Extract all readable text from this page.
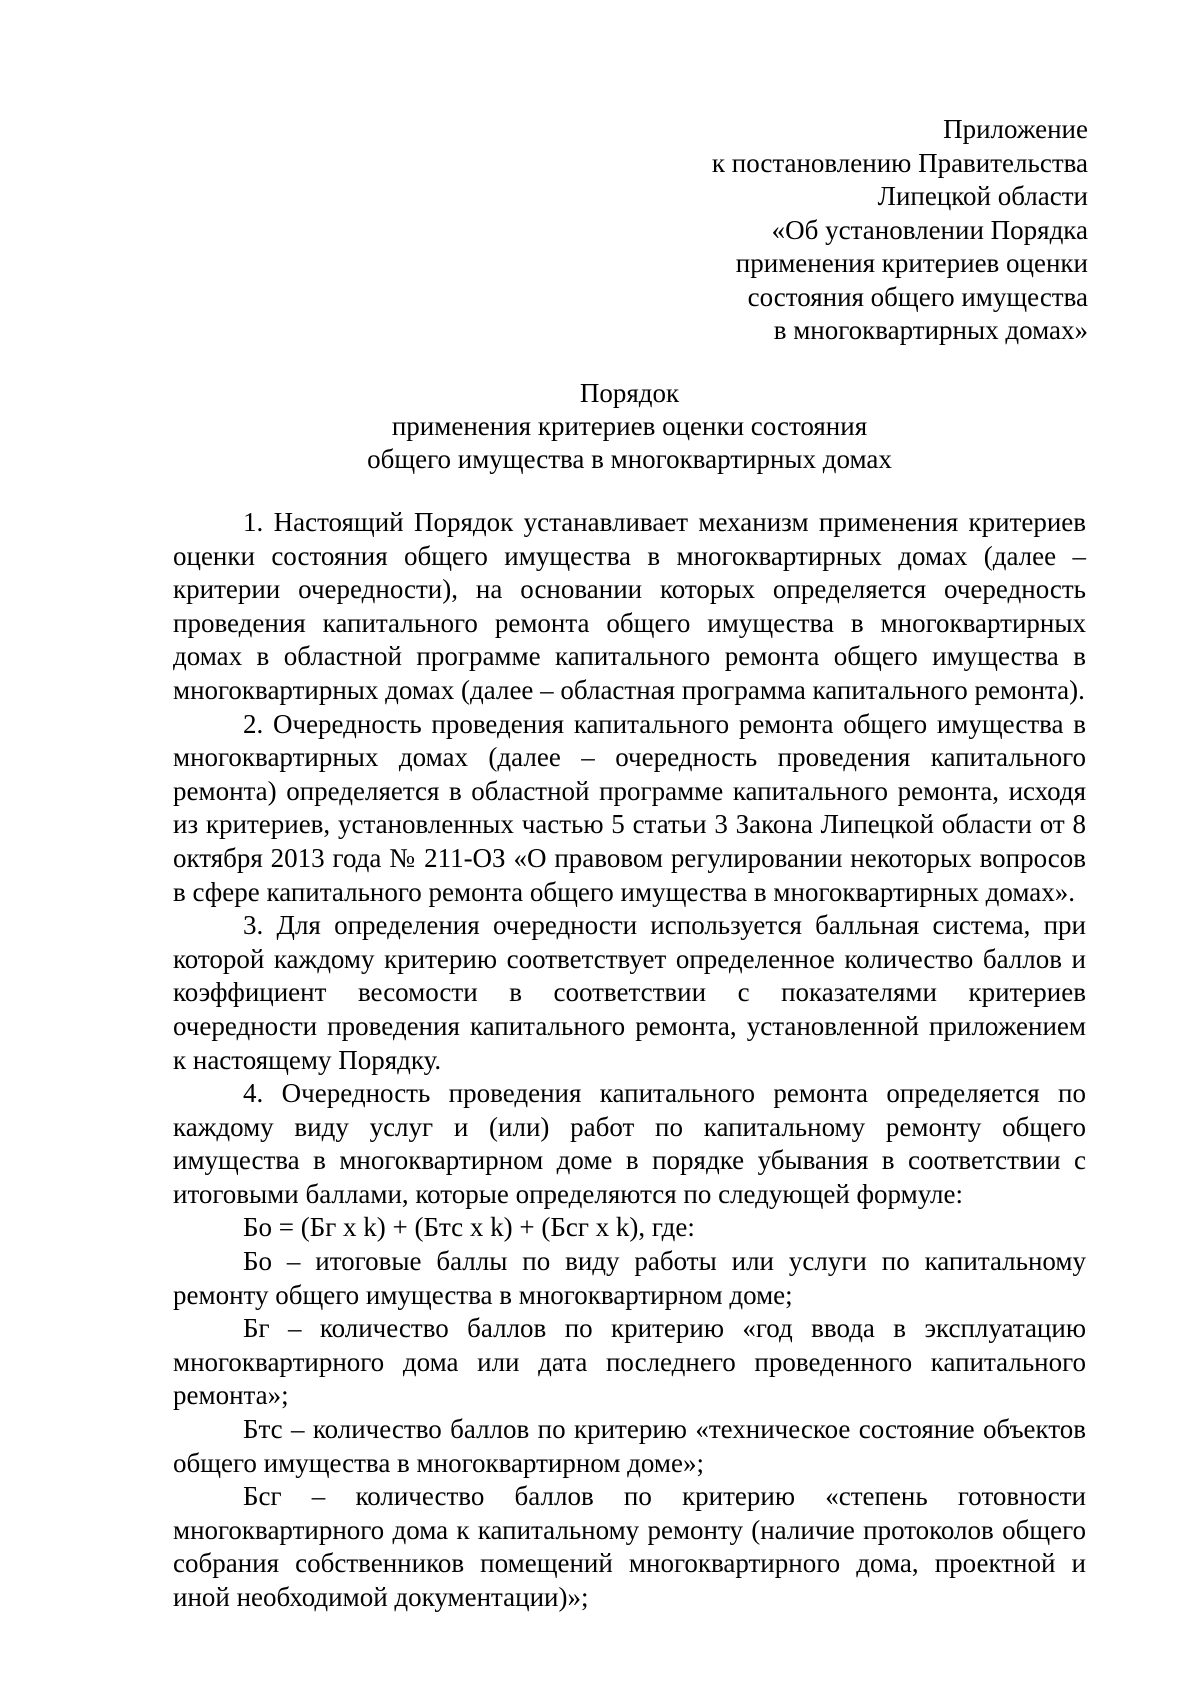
Приложение
к постановлению Правительства
Липецкой области
«Об установлении Порядка
применения критериев оценки
состояния общего имущества
в многоквартирных домах»
Порядок
применения критериев оценки состояния
общего имущества в многоквартирных домах

1. Настоящий Порядок устанавливает механизм применения критериев оценки состояния общего имущества в многоквартирных домах (далее – критерии очередности), на основании которых определяется очередность проведения капитального ремонта общего имущества в многоквартирных домах в областной программе капитального ремонта общего имущества в многоквартирных домах (далее – областная программа капитального ремонта).

2. Очередность проведения капитального ремонта общего имущества в многоквартирных домах (далее – очередность проведения капитального ремонта) определяется в областной программе капитального ремонта, исходя из критериев, установленных частью 5 статьи 3 Закона Липецкой области от 8 октября 2013 года № 211-ОЗ «О правовом регулировании некоторых вопросов в сфере капитального ремонта общего имущества в многоквартирных домах».

3. Для определения очередности используется балльная система, при которой каждому критерию соответствует определенное количество баллов и коэффициент весомости в соответствии с показателями критериев очередности проведения капитального ремонта, установленной приложением к настоящему Порядку.

4. Очередность проведения капитального ремонта определяется по каждому виду услуг и (или) работ по капитальному ремонту общего имущества в многоквартирном доме в порядке убывания в соответствии с итоговыми баллами, которые определяются по следующей формуле:

Бо = (Бг x k) + (Бтс x k) + (Бсг x k), где:

Бо – итоговые баллы по виду работы или услуги по капитальному ремонту общего имущества в многоквартирном доме;

Бг – количество баллов по критерию «год ввода в эксплуатацию многоквартирного дома или дата последнего проведенного капитального ремонта»;

Бтс – количество баллов по критерию «техническое состояние объектов общего имущества в многоквартирном доме»;

Бсг – количество баллов по критерию «степень готовности многоквартирного дома к капитальному ремонту (наличие протоколов общего собрания собственников помещений многоквартирного дома, проектной и иной необходимой документации)»;
